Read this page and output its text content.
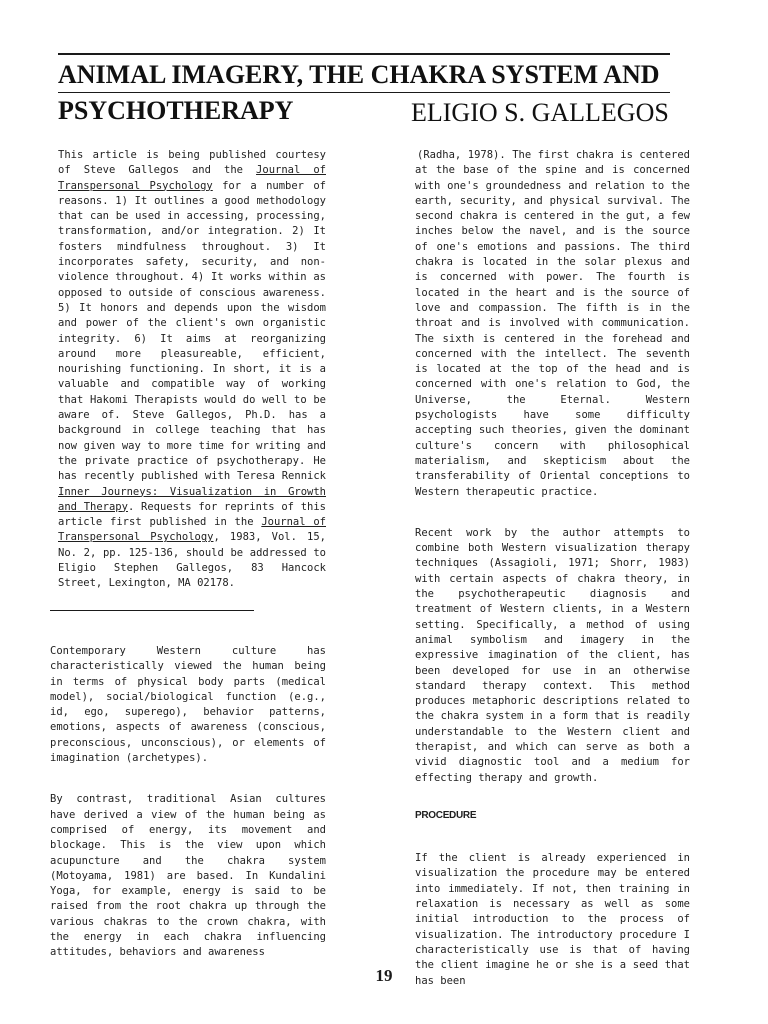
ANIMAL IMAGERY, THE CHAKRA SYSTEM AND
PSYCHOTHERAPY	ELIGIO S. GALLEGOS

This article is being published courtesy of Steve Gallegos and the Journal of Transpersonal Psychology for a number of reasons. 1) It outlines a good methodology that can be used in accessing, processing, transformation, and/or integration. 2) It fosters mindfulness throughout. 3) It incorporates safety, security, and non-violence throughout. 4) It works within as opposed to outside of conscious awareness. 5) It honors and depends upon the wisdom and power of the client's own organistic integrity. 6) It aims at reorganizing around more pleasureable, efficient, nourishing functioning. In short, it is a valuable and compatible way of working that Hakomi Therapists would do well to be aware of. Steve Gallegos, Ph.D. has a background in college teaching that has now given way to more time for writing and the private practice of psychotherapy. He has recently published with Teresa Rennick Inner Journeys: Visualization in Growth and Therapy. Requests for reprints of this article first published in the Journal of Transpersonal Psychology, 1983, Vol. 15, No. 2, pp. 125-136, should be addressed to Eligio Stephen Gallegos, 83 Hancock Street, Lexington, MA 02178.

Contemporary Western culture has characteristically viewed the human being in terms of physical body parts (medical model), social/biological function (e.g., id, ego, superego), behavior patterns, emotions, aspects of awareness (conscious, preconscious, unconscious), or elements of imagination (archetypes).

By contrast, traditional Asian cultures have derived a view of the human being as comprised of energy, its movement and blockage. This is the view upon which acupuncture and the chakra system (Motoyama, 1981) are based. In Kundalini Yoga, for example, energy is said to be raised from the root chakra up through the various chakras to the crown chakra, with the energy in each chakra influencing attitudes, behaviors and awareness

(Radha, 1978). The first chakra is centered at the base of the spine and is concerned with one's groundedness and relation to the earth, security, and physical survival. The second chakra is centered in the gut, a few inches below the navel, and is the source of one's emotions and passions. The third chakra is located in the solar plexus and is concerned with power. The fourth is located in the heart and is the source of love and compassion. The fifth is in the throat and is involved with communication. The sixth is centered in the forehead and concerned with the intellect. The seventh is located at the top of the head and is concerned with one's relation to God, the Universe, the Eternal. Western psychologists have some difficulty accepting such theories, given the dominant culture's concern with philosophical materialism, and skepticism about the transferability of Oriental conceptions to Western therapeutic practice.

Recent work by the author attempts to combine both Western visualization therapy techniques (Assagioli, 1971; Shorr, 1983) with certain aspects of chakra theory, in the psychotherapeutic diagnosis and treatment of Western clients, in a Western setting. Specifically, a method of using animal symbolism and imagery in the expressive imagination of the client, has been developed for use in an otherwise standard therapy context. This method produces metaphoric descriptions related to the chakra system in a form that is readily understandable to the Western client and therapist, and which can serve as both a vivid diagnostic tool and a medium for effecting therapy and growth.

PROCEDURE

If the client is already experienced in visualization the procedure may be entered into immediately. If not, then training in relaxation is necessary as well as some initial introduction to the process of visualization. The introductory procedure I characteristically use is that of having the client imagine he or she is a seed that has been

19
